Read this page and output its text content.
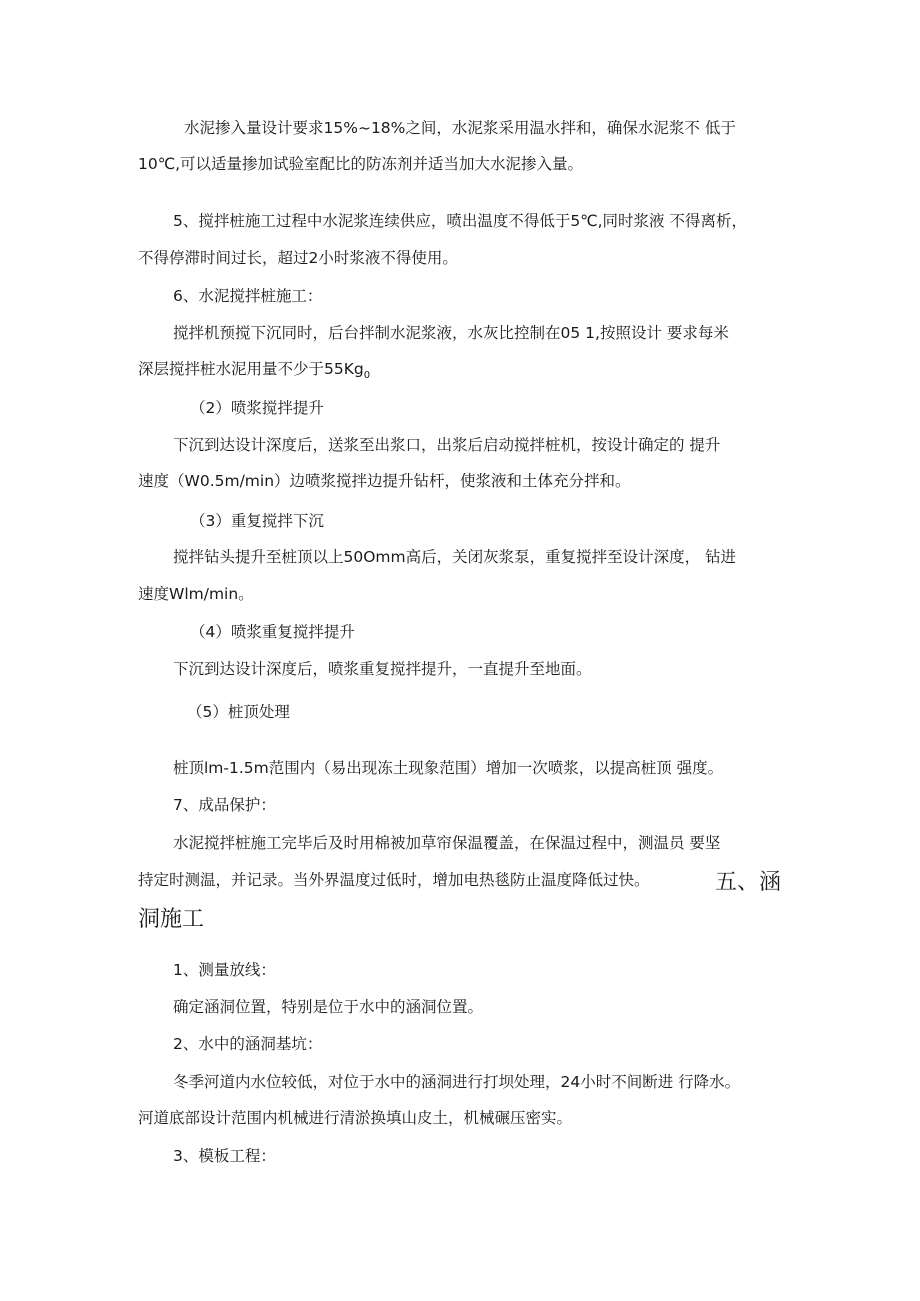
水泥掺入量设计要求15%~18%之间，水泥浆采用温水拌和，确保水泥浆不 低于

10℃,可以适量掺加试验室配比的防冻剂并适当加大水泥掺入量。

5、搅拌桩施工过程中水泥浆连续供应，喷出温度不得低于5℃,同时浆液 不得离析，

不得停滞时间过长，超过2小时浆液不得使用。

6、水泥搅拌桩施工：

搅拌机预搅下沉同时，后台拌制水泥浆液，水灰比控制在05 1,按照设计 要求每米

深层搅拌桩水泥用量不少于$55Kg_0$

（2）喷浆搅拌提升

下沉到达设计深度后，送浆至出浆口，出浆后启动搅拌桩机，按设计确定的 提升

速度（W0.5m∕min）边喷浆搅拌边提升钻杆，使浆液和土体充分拌和。

（3）重复搅拌下沉

搅拌钻头提升至桩顶以上50Omm高后，关闭灰浆泵，重复搅拌至设计深度， 钻进

速度Wlm/min。

（4）喷浆重复搅拌提升

下沉到达设计深度后，喷浆重复搅拌提升，一直提升至地面。

（5）桩顶处理

桩顶lm-1.5m范围内（易出现冻土现象范围）增加一次喷浆，以提高桩顶 强度。

7、成品保护：

水泥搅拌桩施工完毕后及时用棉被加草帘保温覆盖，在保温过程中，测温员 要坚

持定时测温，并记录。当外界温度过低时，增加电热毯防止温度降低过快。	五、涵

洞施工

1、测量放线：

确定涵洞位置，特别是位于水中的涵洞位置。

2、水中的涵洞基坑：

冬季河道内水位较低，对位于水中的涵洞进行打坝处理，24小时不间断进 行降水。

河道底部设计范围内机械进行清淤换填山皮土，机械碾压密实。

3、模板工程：
